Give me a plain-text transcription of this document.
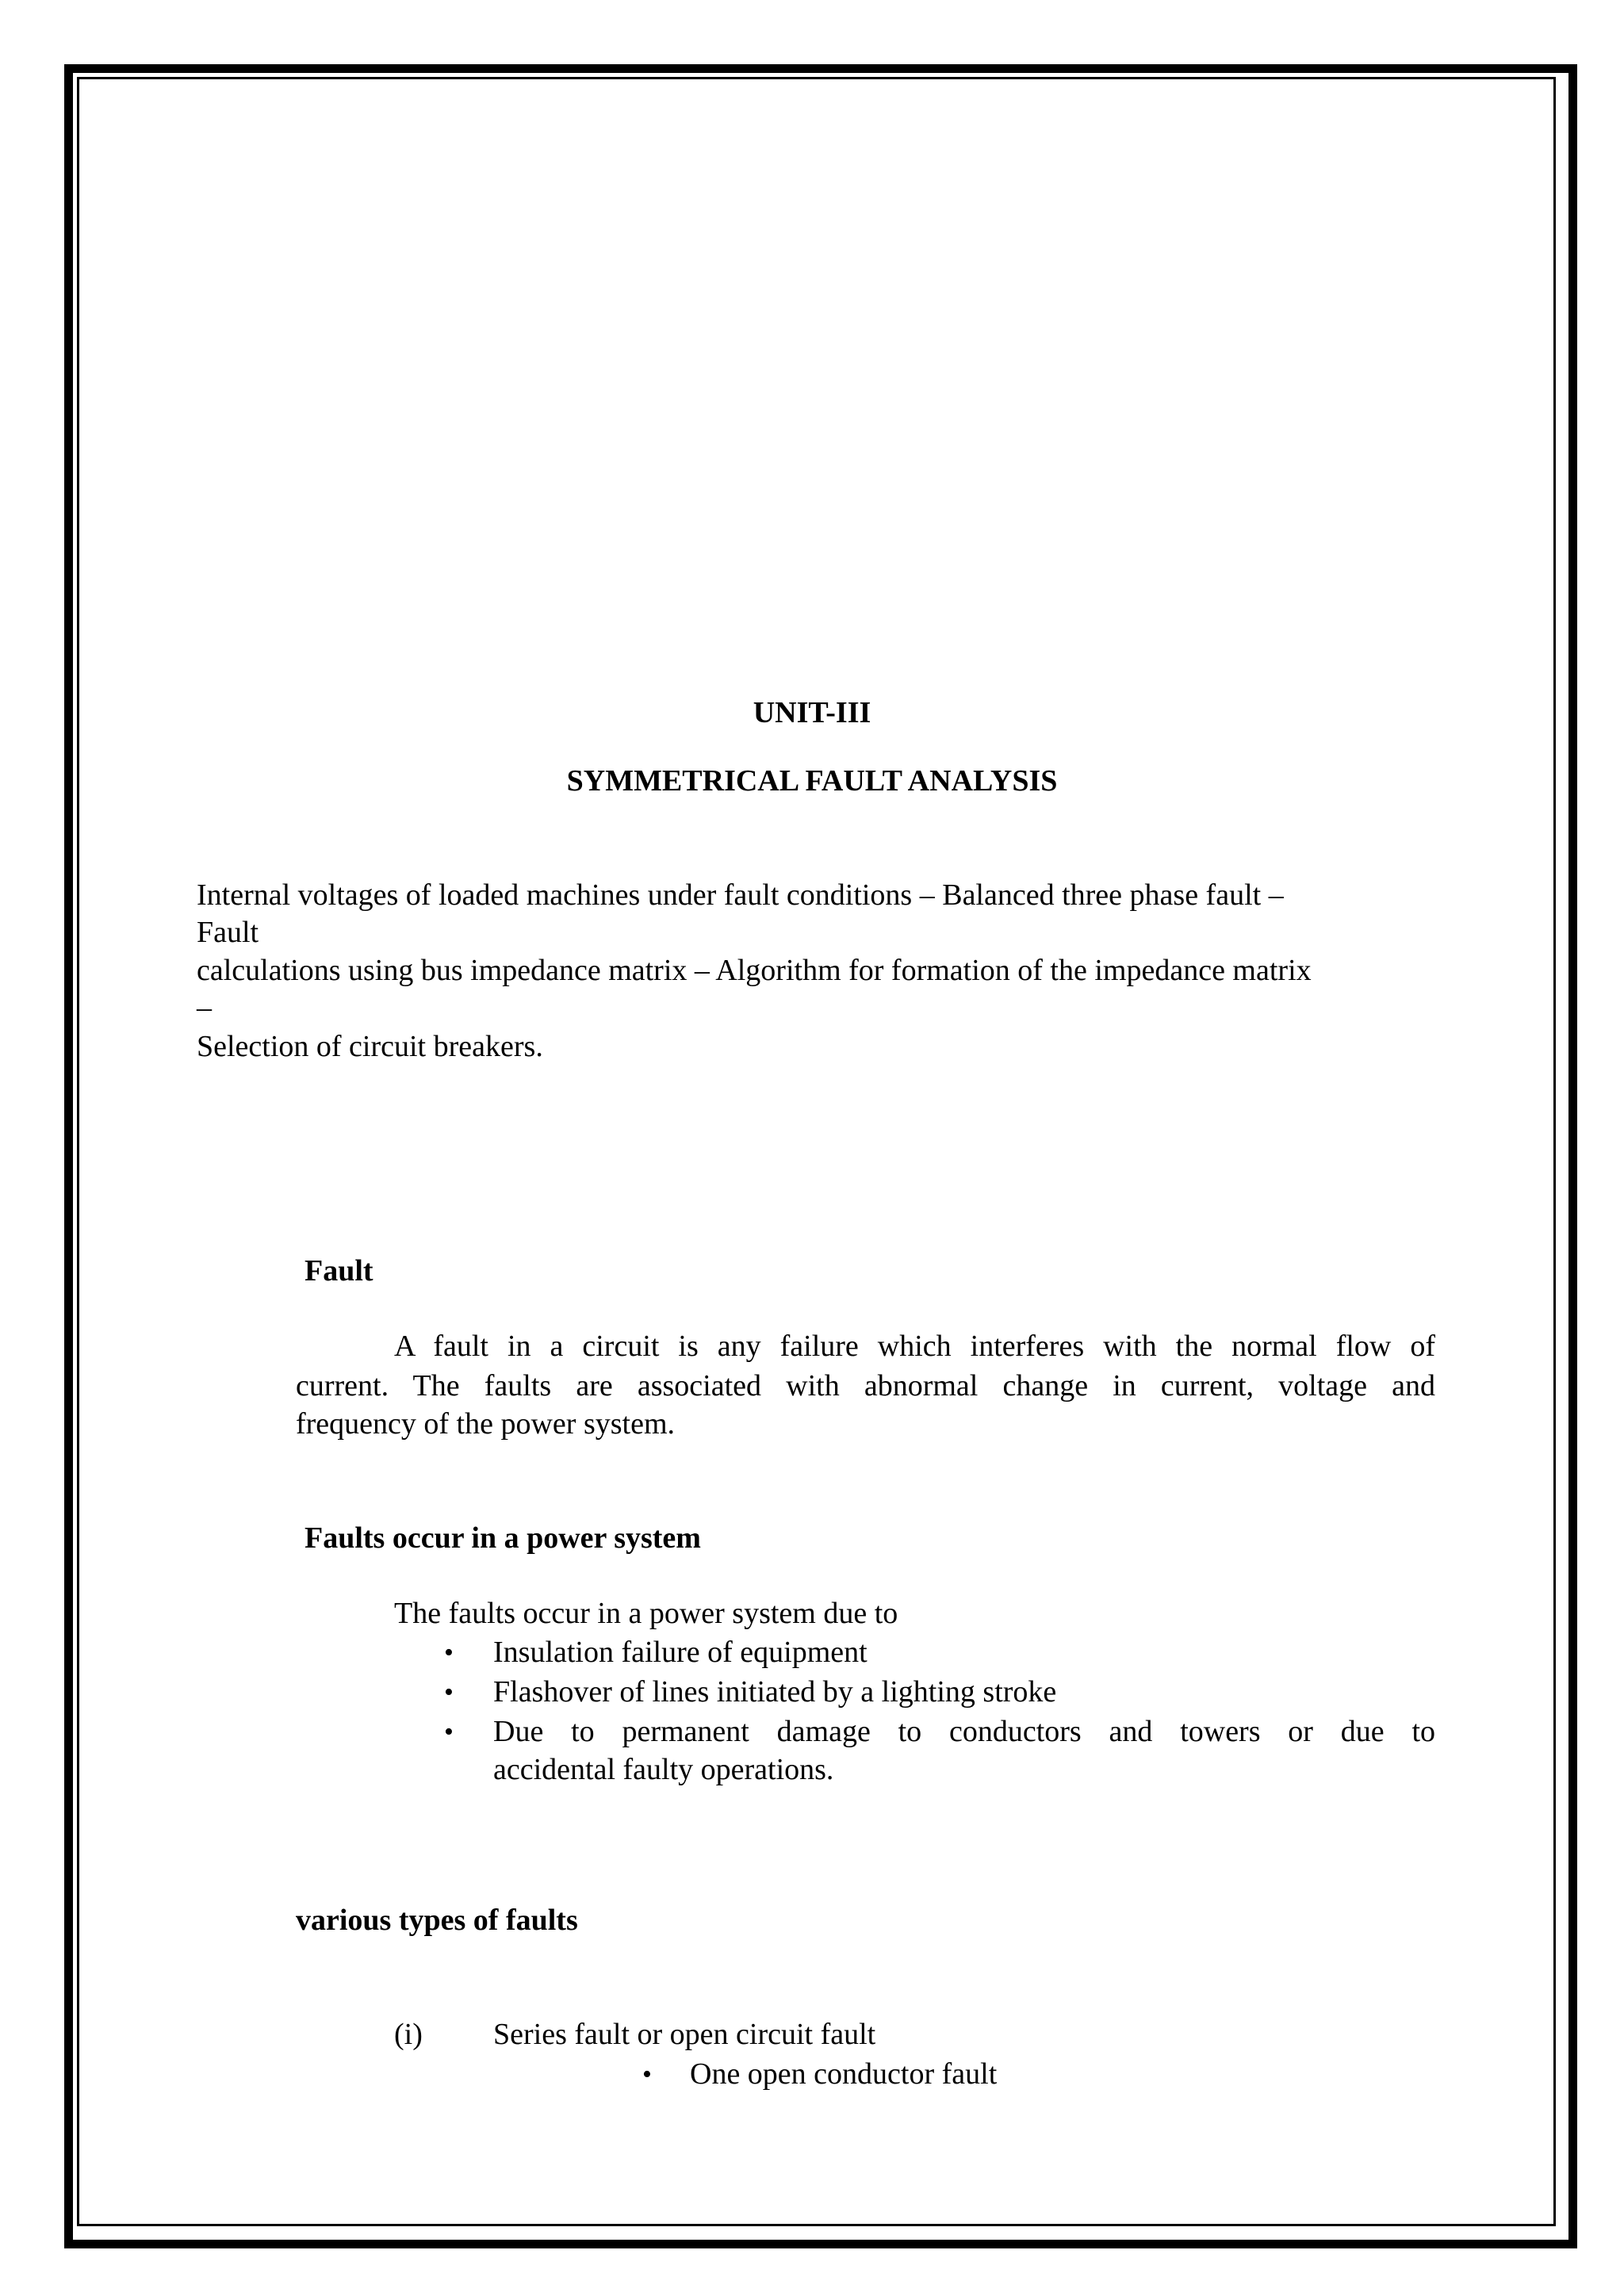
UNIT-III
SYMMETRICAL FAULT ANALYSIS
Internal voltages of loaded machines under fault conditions – Balanced three phase fault –
Fault
calculations using bus impedance matrix – Algorithm for formation of the impedance matrix
–
Selection of circuit breakers.
Fault
A fault in a circuit is any failure which interferes with the normal flow of
current. The faults are associated with abnormal change in current, voltage and
frequency of the power system.
Faults occur in a power system
The faults occur in a power system due to
• Insulation failure of equipment
• Flashover of lines initiated by a lighting stroke
• Due to permanent damage to conductors and towers or due to
accidental faulty operations.
various types of faults
(i) Series fault or open circuit fault
• One open conductor fault
